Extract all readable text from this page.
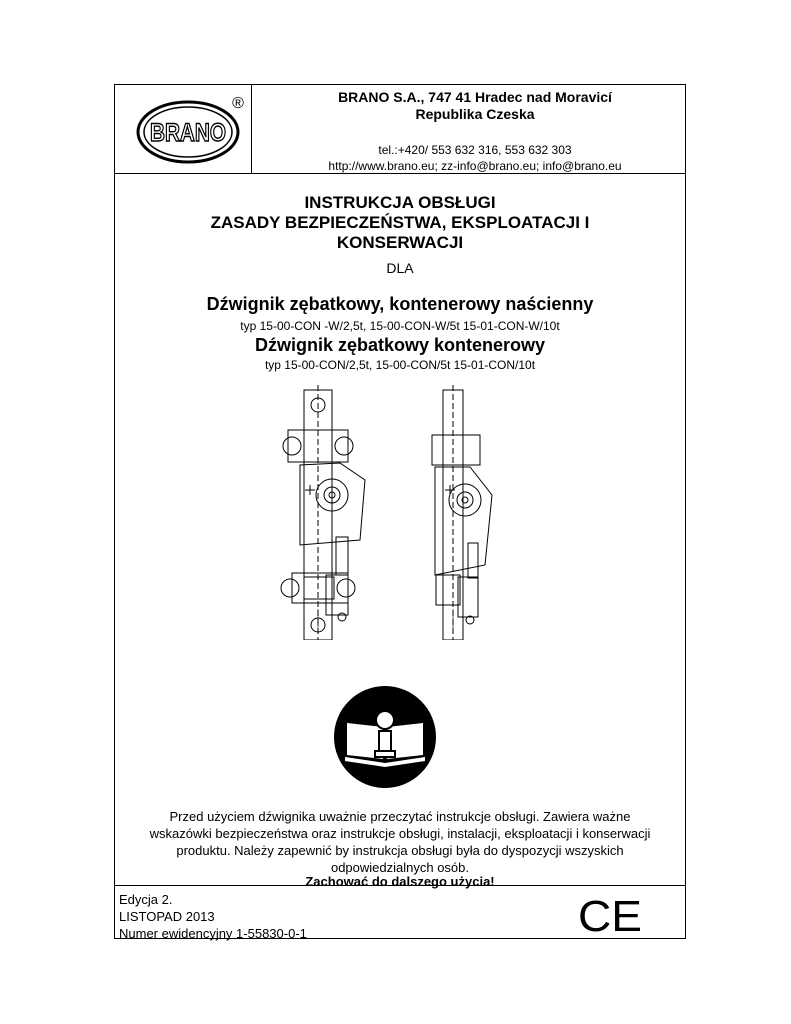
BRANO
®	BRANO S.A., 747 41 Hradec nad Moravicí
Republika Czeska
tel.:+420/ 553 632 316, 553 632 303
http://www.brano.eu; zz-info@brano.eu; info@brano.eu
INSTRUKCJA OBSŁUGI
ZASADY BEZPIECZEŃSTWA, EKSPLOATACJI I
KONSERWACJI
DLA
Dźwignik zębatkowy, kontenerowy naścienny
typ 15-00-CON -W/2,5t, 15-00-CON-W/5t 15-01-CON-W/10t
Dźwignik zębatkowy kontenerowy
typ 15-00-CON/2,5t, 15-00-CON/5t 15-01-CON/10t
Przed użyciem dźwignika uważnie przeczytać instrukcje obsługi. Zawiera ważne
wskazówki bezpieczeństwa oraz instrukcje obsługi, instalacji, eksploatacji i konserwacji
produktu. Należy zapewnić by instrukcja obsługi była do dyspozycji wszyskich
odpowiedzialnych osób.
Zachować do dalszego użycia!
Edycja 2.
LISTOPAD 2013
Numer ewidencyjny 1-55830-0-1	CE
